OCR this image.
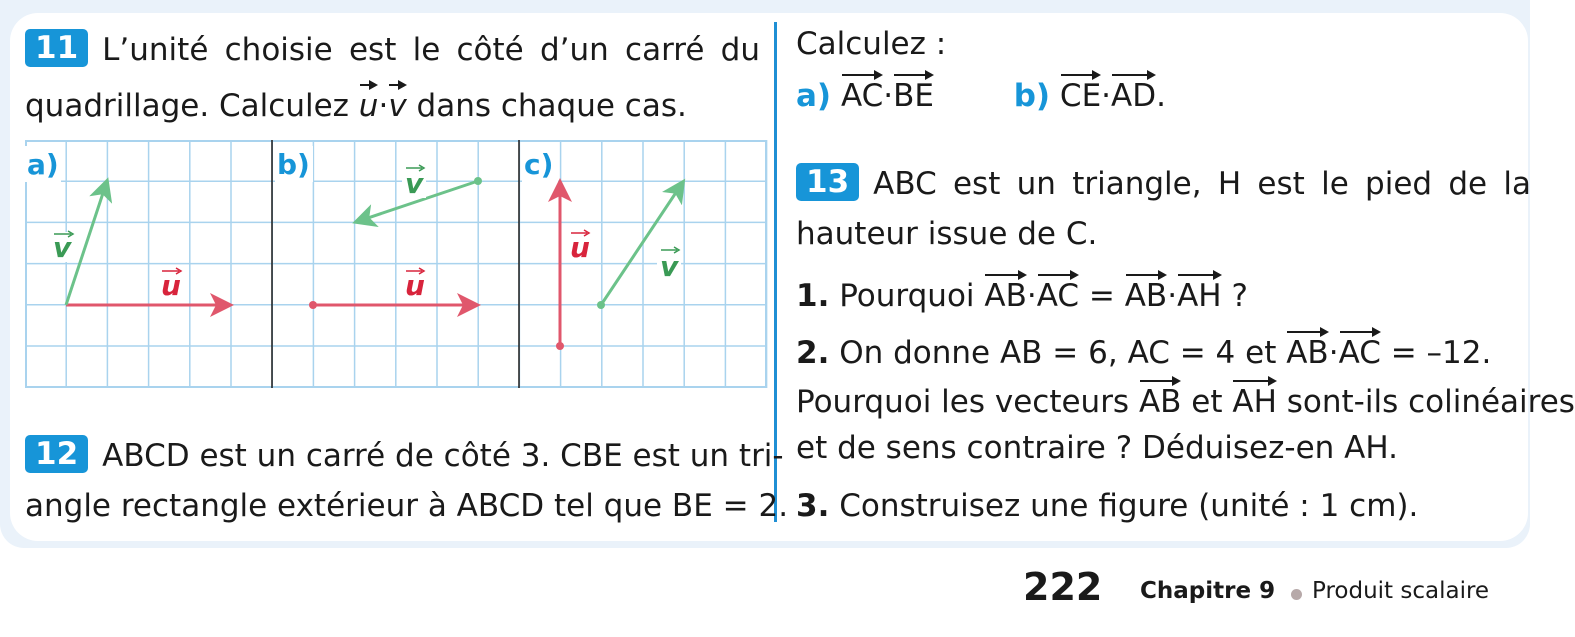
11 L’unité choisie est le côté d’un carré du
quadrillage. Calculez u·v dans chaque cas.
a)
v
u
b)
v
u
c)
u
v
12 ABCD est un carré de côté 3. CBE est un tri-
angle rectangle extérieur à ABCD tel que BE = 2.
Calculez :
a) AC·BE	b) CE·AD.
13 ABC est un triangle, H est le pied de la
hauteur issue de C.
1. Pourquoi AB·AC = AB·AH ?
2. On donne AB = 6, AC = 4 et AB·AC = –12.
Pourquoi les vecteurs AB et AH sont-ils colinéaires
et de sens contraire ? Déduisez-en AH.
3. Construisez une figure (unité : 1 cm).
222 Chapitre 9 Produit scalaire
